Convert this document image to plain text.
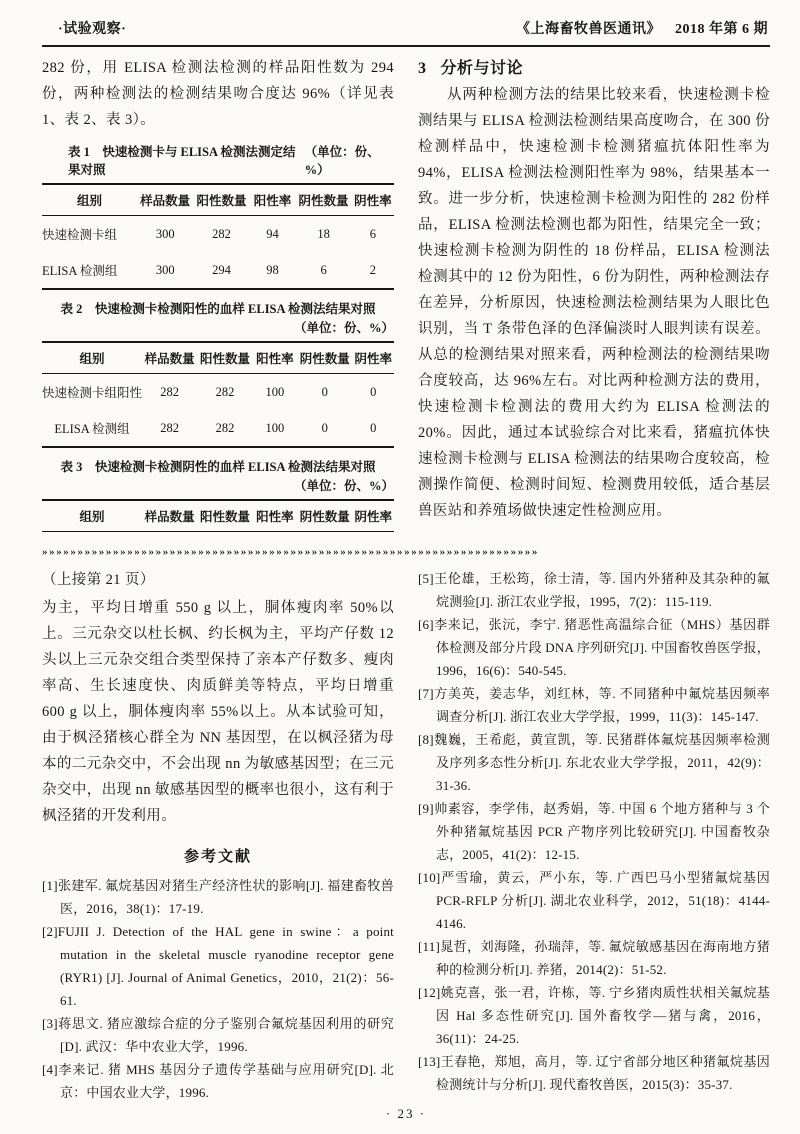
·试验观察·	《上海畜牧兽医通讯》 2018 年第 6 期

282 份，用 ELISA 检测法检测的样品阳性数为 294 份，两种检测法的检测结果吻合度达 96%（详见表 1、表 2、表 3）。

表 1　快速检测卡与 ELISA 检测法测定结果对照
（单位：份、%）
组别	样品数量	阳性数量	阳性率	阴性数量	阴性率
快速检测卡组	300	282	94	18	6
ELISA 检测组	300	294	98	6	2
表 2　快速检测卡检测阳性的血样 ELISA 检测法结果对照
（单位：份、%）
组别	样品数量	阳性数量	阳性率	阴性数量	阴性率
快速检测卡组阳性	282	282	100	0	0
ELISA 检测组	282	282	100	0	0
表 3　快速检测卡检测阴性的血样 ELISA 检测法结果对照
（单位：份、%）
组别	样品数量	阳性数量	阳性率	阴性数量	阴性率

3 分析与讨论

从两种检测方法的结果比较来看，快速检测卡检测结果与 ELISA 检测法检测结果高度吻合，在 300 份检测样品中，快速检测卡检测猪瘟抗体阳性率为 94%，ELISA 检测法检测阳性率为 98%，结果基本一致。进一步分析，快速检测卡检测为阳性的 282 份样品，ELISA 检测法检测也都为阳性，结果完全一致；快速检测卡检测为阴性的 18 份样品，ELISA 检测法检测其中的 12 份为阳性，6 份为阴性，两种检测法存在差异，分析原因，快速检测法检测结果为人眼比色识别，当 T 条带色泽的色泽偏淡时人眼判读有误差。从总的检测结果对照来看，两种检测法的检测结果吻合度较高，达 96%左右。对比两种检测方法的费用，快速检测卡检测法的费用大约为 ELISA 检测法的 20%。因此，通过本试验综合对比来看，猪瘟抗体快速检测卡检测与 ELISA 检测法的结果吻合度较高，检测操作简便、检测时间短、检测费用较低，适合基层兽医站和养殖场做快速定性检测应用。

»»»»»»»»»»»»»»»»»»»»»»»»»»»»»»»»»»»»»»»»»»»»»»»»»»»»»»»»»»»»»»»»»»»»»»

（上接第 21 页）

为主，平均日增重 550 g 以上，胴体瘦肉率 50%以上。三元杂交以杜长枫、约长枫为主，平均产仔数 12 头以上三元杂交组合类型保持了亲本产仔数多、瘦肉率高、生长速度快、肉质鲜美等特点，平均日增重 600 g 以上，胴体瘦肉率 55%以上。从本试验可知，由于枫泾猪核心群全为 NN 基因型，在以枫泾猪为母本的二元杂交中，不会出现 nn 为敏感基因型；在三元杂交中，出现 nn 敏感基因型的概率也很小，这有利于枫泾猪的开发利用。

参考文献
[1]张建军. 氟烷基因对猪生产经济性状的影响[J]. 福建畜牧兽医，2016，38(1)：17-19.
[2]FUJII J. Detection of the HAL gene in swine：a point mutation in the skeletal muscle ryanodine receptor gene (RYR1) [J]. Journal of Animal Genetics，2010，21(2)：56-61.
[3]蒋思文. 猪应激综合症的分子鉴别合氟烷基因利用的研究[D]. 武汉：华中农业大学，1996.
[4]李来记. 猪 MHS 基因分子遗传学基础与应用研究[D]. 北京：中国农业大学，1996.
[5]王伦雄，王松筠，徐士清，等. 国内外猪种及其杂种的氟烷测验[J]. 浙江农业学报，1995，7(2)：115-119.
[6]李来记，张沅，李宁. 猪恶性高温综合征（MHS）基因群体检测及部分片段 DNA 序列研究[J]. 中国畜牧兽医学报，1996，16(6)：540-545.
[7]方美英，姜志华，刘红林，等. 不同猪种中氟烷基因频率调查分析[J]. 浙江农业大学学报，1999，11(3)：145-147.
[8]魏巍，王希彪，黄宣凯，等. 民猪群体氟烷基因频率检测及序列多态性分析[J]. 东北农业大学学报，2011，42(9)：31-36.
[9]帅素容，李学伟，赵秀娟，等. 中国 6 个地方猪种与 3 个外种猪氟烷基因 PCR 产物序列比较研究[J]. 中国畜牧杂志，2005，41(2)：12-15.
[10]严雪瑜，黄云，严小东，等. 广西巴马小型猪氟烷基因 PCR-RFLP 分析[J]. 湖北农业科学，2012，51(18)：4144-4146.
[11]晁哲，刘海隆，孙瑞萍，等. 氟烷敏感基因在海南地方猪种的检测分析[J]. 养猪，2014(2)：51-52.
[12]姚克喜，张一君，许栋，等. 宁乡猪肉质性状相关氟烷基因 Hal 多态性研究[J]. 国外畜牧学—猪与禽，2016，36(11)：24-25.
[13]王春艳，郑旭，高月，等. 辽宁省部分地区种猪氟烷基因检测统计与分析[J]. 现代畜牧兽医，2015(3)：35-37.
· 23 ·
